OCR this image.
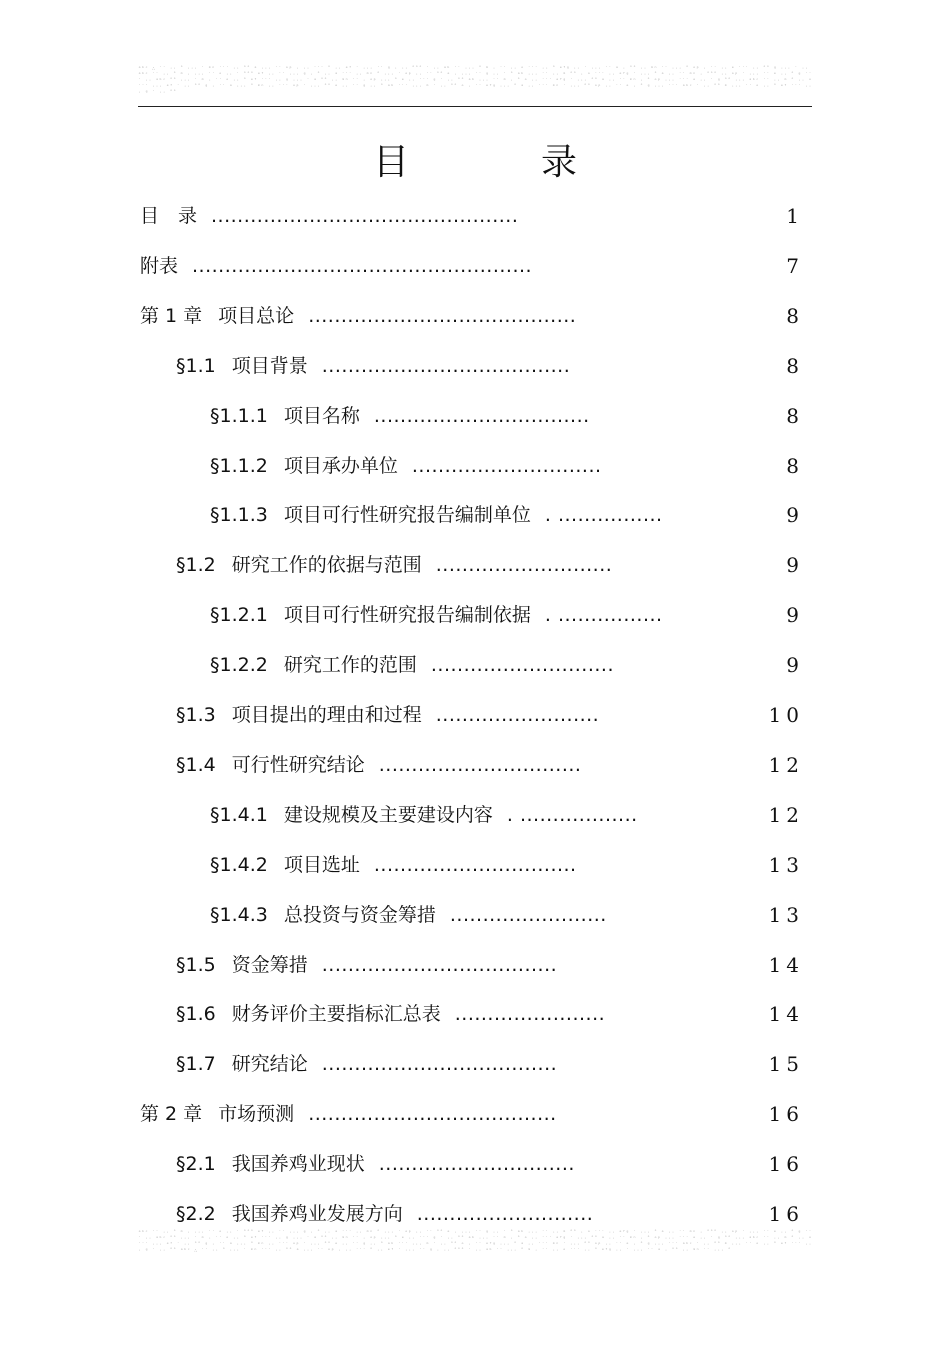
ᵃᵇᶜ ∴ ˙˙ ·· ˚ ··· ˙ ᵐⁿ ˙˙˙ ·· ˚˚ ᵃ ··· ˙˙ ᵒᵖ · ·· ˙˙˙ ˚ ·· ᵉᶠ ˙ ··· ˙˙ ᵍ · ·· ˚˚˚ ˙ ·· ᵃᵇ ˙˙ ··· ˚ ᵐ · ˙˙ ·· ᵒ ˙˙˙ ·· ˚ ᵉᶠᵍ ·· ˙ ··· ˙˙ ᵃ · ˚˚ ·· ᵐⁿ ˙˙ ··· ˚ ᵒᵖ · ˙˙ ·· ᵉ ˙˙˙ ·· ˚˚ ᵍ ··· ˙ ·· ᵃᵇᶜ ˙˙ ·· ˚ ᵐ · ··· ˙˙ ᵒ ·· ˙ ˚˚˚ ᵉᶠ ·· ˙˙ ··· ᵍ · ˚ ·· ᵃ ˙˙˙ ·· ᵐⁿ ˚ ··· ˙ ᵒᵖ ·· ˙˙ ˚˚ ᵉ · ··· ˙˙ ᵍ ·· ˙ ˚ ᵃᵇ ··· ˙˙ ·· ᵐ ˚˚ · ᵒ ˙˙˙ ·· ᵉᶠᵍ ˙ ··· ˚ ᵃ ·· ˙˙ ᵐⁿ · ˚˚˚ ·· ᵒᵖ ˙ ··· ˙˙ ᵉ ·· ˚ ᵍ ˙˙˙ ·· ᵃᵇᶜ ˚˚ ··· ˙ ᵐ · ˙˙ ᵒ ·· ˚ ᵉᶠ ˙˙˙ ·· ᵍ ··· ˙ ᵃ ˚˚ ·· ᵐⁿ ˙˙ · ᵒᵖ ··· ˚ ᵉ ·· ˙˙˙ ᵍ ˙ ·· ˚˚ ᵃᵇ ··· ˙˙ ᵐ · ˚ ᵒ ·· ˙˙˙ ᵉᶠᵍ ˙ ··· ˚˚ ᵃ ·· ˙˙ ᵐⁿ · ˚ ᵒᵖ ··· ˙˙˙ ᵉ ·· ˙ ᵍ ˚˚ ··· ᵃᵇᶜ ˙˙ ·· ᵐ ˚ ·· ᵒ ˙˙˙ ··· ᵉᶠ ˙ ·· ˚˚ ᵍ · ˙˙ ᵃ ··· ˚ ᵐⁿ ·· ˙˙˙ ᵒᵖ ˙ ··· ˚˚ ᵉ ·· ˙˙ ᵍ ·· ˚ ᵃᵇ ˙˙˙ ··· ᵐ ˙ ·· ˚˚ ᵒ · ˙˙ ᵉᶠᵍ ··· ˚ ᵃ ·· ˙˙˙ ᵐⁿ ˙ ··· ˚˚ ᵒᵖ ·· ˙˙ ᵉ · ˚ ᵍ ··· ˙˙˙ ᵃᵇᶜ ˙ ·· ˚˚ ᵐ ··· ˙˙ ᵒ ·· ˚ ᵉᶠ ˙˙˙ ··· ᵍ ˙ ·· ˚˚
目　录
目　录 ...............................................	1
附表 ....................................................	7
第 1 章 项目总论 .........................................	8
§1.1 项目背景 ......................................	8
§1.1.1 项目名称 .................................	8
§1.1.2 项目承办单位 .............................	8
§1.1.3 项目可行性研究报告编制单位 . ................	9
§1.2 研究工作的依据与范围 ...........................	9
§1.2.1 项目可行性研究报告编制依据 . ................	9
§1.2.2 研究工作的范围 ............................	9
§1.3 项目提出的理由和过程 .........................	10
§1.4 可行性研究结论 ...............................	12
§1.4.1 建设规模及主要建设内容 . ..................	12
§1.4.2 项目选址 ...............................	13
§1.4.3 总投资与资金筹措 ........................	13
§1.5 资金筹措 ....................................	14
§1.6 财务评价主要指标汇总表 .......................	14
§1.7 研究结论 ....................................	15
第 2 章 市场预测 ......................................	16
§2.1 我国养鸡业现状 ..............................	16
§2.2 我国养鸡业发展方向 ...........................	16
ᵃᵇᶜ ˙˙ ·· ˚ ᵐ · ··· ˙˙ ᵒ ·· ˙ ˚˚˚ ᵉᶠ ·· ˙˙ ··· ᵍ · ˚ ·· ᵃ ˙˙˙ ·· ᵐⁿ ˚ ··· ˙ ᵒᵖ ·· ˙˙ ˚˚ ᵉ · ··· ˙˙ ᵍ ·· ˙ ˚ ᵃᵇ ··· ˙˙ ·· ᵐ ˚˚ · ᵒ ˙˙˙ ·· ᵉᶠᵍ ˙ ··· ˚ ᵃ ·· ˙˙ ᵐⁿ · ˚˚˚ ·· ᵒᵖ ˙ ··· ˙˙ ᵉ ·· ˚ ᵍ ˙˙˙ ·· ᵃᵇᶜ ˚˚ ··· ˙ ᵐ · ˙˙ ᵒ ·· ˚ ᵉᶠ ˙˙˙ ·· ᵍ ··· ˙ ᵃ ˚˚ ·· ᵐⁿ ˙˙ · ᵒᵖ ··· ˚ ᵉ ·· ˙˙˙ ᵍ ˙ ·· ˚˚ ᵃᵇ ··· ˙˙ ᵐ · ˚ ᵒ ·· ˙˙˙ ᵉᶠᵍ ˙ ··· ˚˚ ᵃ ·· ˙˙ ᵐⁿ · ˚ ᵒᵖ ··· ˙˙˙ ᵉ ·· ˙ ᵍ ˚˚ ··· ᵃᵇᶜ ˙˙ ·· ᵐ ˚ ·· ᵒ ˙˙˙ ··· ᵉᶠ ˙ ·· ˚˚ ᵍ · ˙˙ ᵃ ··· ˚ ᵐⁿ ·· ˙˙˙ ᵒᵖ ˙ ··· ˚˚ ᵉ ·· ˙˙ ᵍ ·· ˚ ᵃᵇ ˙˙˙ ··· ᵐ ˙ ·· ˚˚ ᵒ · ˙˙ ᵉᶠᵍ ··· ˚ ᵃ ·· ˙˙˙ ᵐⁿ ˙ ··· ˚˚ ᵒᵖ ·· ˙˙ ᵉ · ˚ ᵍ ··· ˙˙˙ ᵃᵇᶜ ˙ ·· ˚˚ ᵐ ··· ˙˙ ᵒ ·· ˚ ᵉᶠ ˙˙˙ ··· ᵍ ˙ ·· ˚˚ ᵃᵇᶜ ∴ ˙˙ ·· ˚ ··· ˙ ᵐⁿ ˙˙˙ ·· ˚˚ ᵃ ··· ˙˙ ᵒᵖ · ·· ˙˙˙ ˚ ·· ᵉᶠ ˙ ··· ˙˙ ᵍ · ·· ˚˚˚ ˙ ·· ᵃᵇ ˙˙ ··· ˚ ᵐ · ˙˙ ·· ᵒ ˙˙˙ ·· ˚ ᵉᶠᵍ ·· ˙ ··· ˙˙ ᵃ · ˚˚ ·· ᵐⁿ ˙˙ ··· ˚
